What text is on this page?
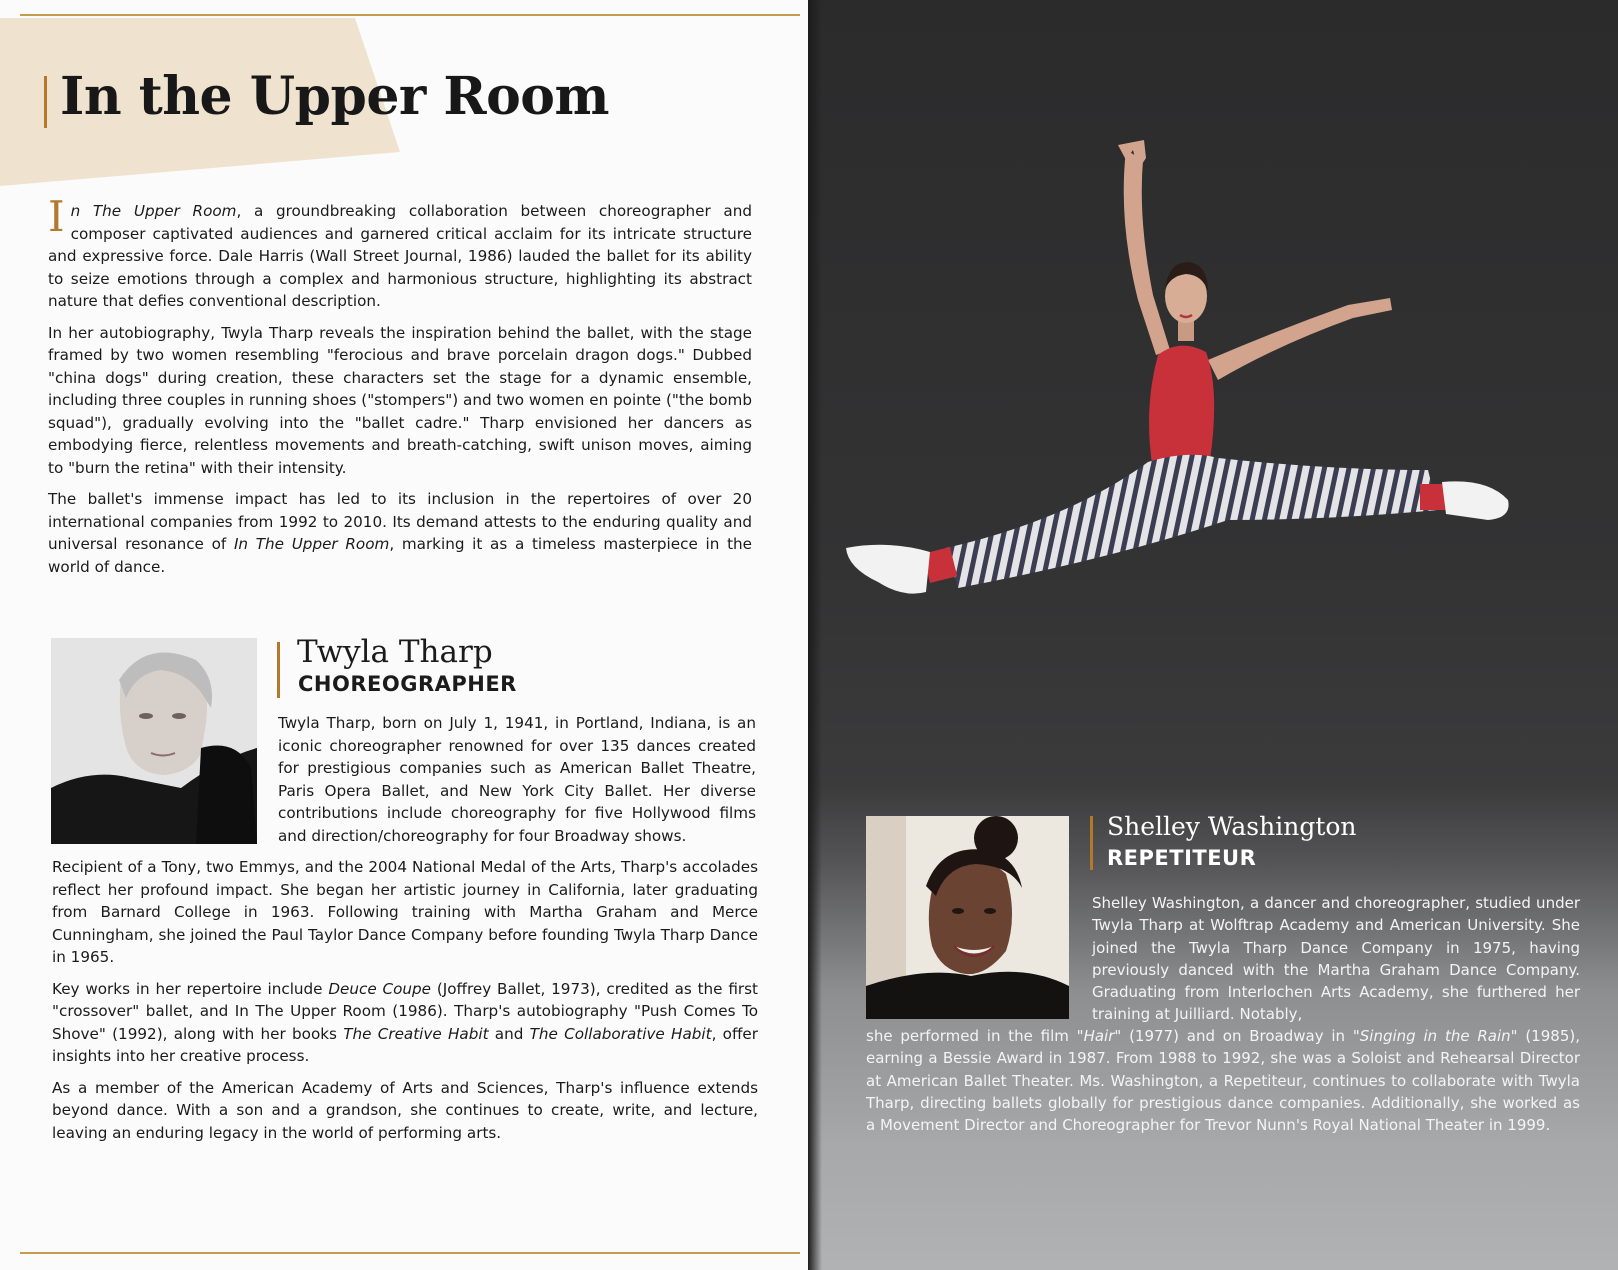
In the Upper Room

In The Upper Room, a groundbreaking collaboration between choreographer and composer captivated audiences and garnered critical acclaim for its intricate structure and expressive force. Dale Harris (Wall Street Journal, 1986) lauded the ballet for its ability to seize emotions through a complex and harmonious structure, highlighting its abstract nature that defies conventional description.

In her autobiography, Twyla Tharp reveals the inspiration behind the ballet, with the stage framed by two women resembling "ferocious and brave porcelain dragon dogs." Dubbed "china dogs" during creation, these characters set the stage for a dynamic ensemble, including three couples in running shoes ("stompers") and two women en pointe ("the bomb squad"), gradually evolving into the "ballet cadre." Tharp envisioned her dancers as embodying fierce, relentless movements and breath-catching, swift unison moves, aiming to "burn the retina" with their intensity.

The ballet's immense impact has led to its inclusion in the repertoires of over 20 international companies from 1992 to 2010. Its demand attests to the enduring quality and universal resonance of In The Upper Room, marking it as a timeless masterpiece in the world of dance.

Twyla Tharp
CHOREOGRAPHER

Twyla Tharp, born on July 1, 1941, in Portland, Indiana, is an iconic choreographer renowned for over 135 dances created for prestigious companies such as American Ballet Theatre, Paris Opera Ballet, and New York City Ballet. Her diverse contributions include choreography for five Hollywood films and direction/choreography for four Broadway shows.

Recipient of a Tony, two Emmys, and the 2004 National Medal of the Arts, Tharp's accolades reflect her profound impact. She began her artistic journey in California, later graduating from Barnard College in 1963. Following training with Martha Graham and Merce Cunningham, she joined the Paul Taylor Dance Company before founding Twyla Tharp Dance in 1965.

Key works in her repertoire include Deuce Coupe (Joffrey Ballet, 1973), credited as the first "crossover" ballet, and In The Upper Room (1986). Tharp's autobiography "Push Comes To Shove" (1992), along with her books The Creative Habit and The Collaborative Habit, offer insights into her creative process.

As a member of the American Academy of Arts and Sciences, Tharp's influence extends beyond dance. With a son and a grandson, she continues to create, write, and lecture, leaving an enduring legacy in the world of performing arts.

Shelley Washington
REPETITEUR

Shelley Washington, a dancer and choreographer, studied under Twyla Tharp at Wolftrap Academy and American University. She joined the Twyla Tharp Dance Company in 1975, having previously danced with the Martha Graham Dance Company. Graduating from Interlochen Arts Academy, she furthered her training at Juilliard. Notably,

she performed in the film "Hair" (1977) and on Broadway in "Singing in the Rain" (1985), earning a Bessie Award in 1987. From 1988 to 1992, she was a Soloist and Rehearsal Director at American Ballet Theater. Ms. Washington, a Repetiteur, continues to collaborate with Twyla Tharp, directing ballets globally for prestigious dance companies. Additionally, she worked as a Movement Director and Choreographer for Trevor Nunn's Royal National Theater in 1999.
